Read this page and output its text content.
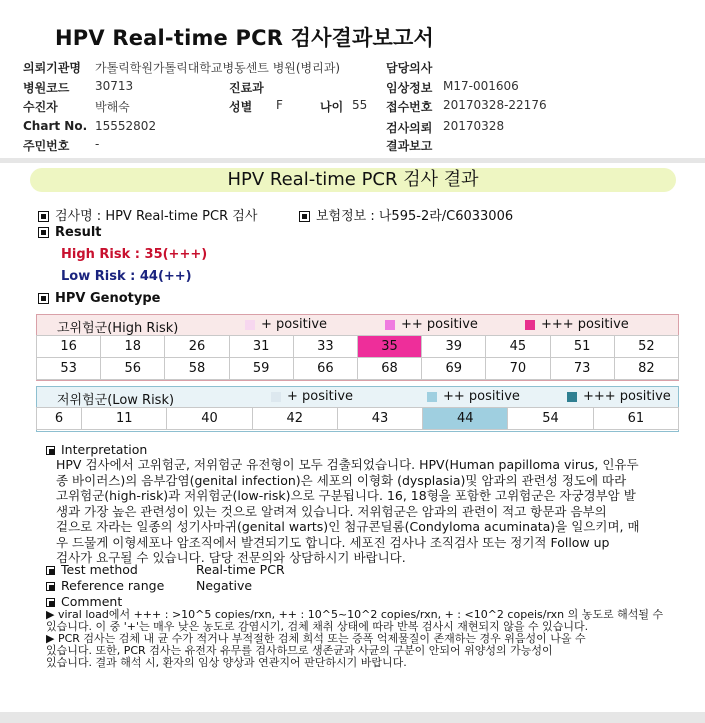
HPV Real-time PCR 검사결과보고서
의뢰기관명 가톨릭학원가톨릭대학교병동센트 병원(병리과)
병원코드 30713
수진자	박해숙
Chart No. 15552802
주민번호 -
진료과
성별 F	나이 55
담당의사
임상정보 M17-001606
접수번호 20170328-22176
검사의뢰 20170328
결과보고
HPV Real-time PCR 검사 결과
검사명 : HPV Real-time PCR 검사	보험정보 : 나595-2라/C6033006
Result
High Risk : 35(+++)
Low Risk : 44(++)
HPV Genotype
고위험군(High Risk)	+ positive	++ positive	+++ positive
16	18	26	31	33	35	39	45	51	52
53	56	58	59	66	68	69	70	73	82
저위험군(Low Risk)	+ positive	++ positive	+++ positive
6	11	40	42	43	44	54	61
Interpretation
HPV 검사에서 고위험군, 저위험군 유전형이 모두 검출되었습니다. HPV(Human papilloma virus, 인유두
종 바이러스)의 음부감염(genital infection)은 세포의 이형화 (dysplasia)및 암과의 관련성 정도에 따라
고위험군(high-risk)과 저위험군(low-risk)으로 구분됩니다. 16, 18형을 포함한 고위험군은 자궁경부암 발
생과 가장 높은 관련성이 있는 것으로 알려져 있습니다. 저위험군은 암과의 관련이 적고 항문과 음부의
겉으로 자라는 일종의 성기사마귀(genital warts)인 첨규콘딜롬(Condyloma acuminata)을 일으키며, 매
우 드물게 이형세포나 암조직에서 발견되기도 합니다. 세포진 검사나 조직검사 또는 정기적 Follow up
검사가 요구될 수 있습니다. 담당 전문의와 상담하시기 바랍니다.
Test method	Real-time PCR
Reference range	Negative
Comment
▶ viral load에서 +++ : >10^5 copies/rxn, ++ : 10^5~10^2 copies/rxn, + : <10^2 copeis/rxn 의 농도로 해석될 수
있습니다. 이 중 '+'는 매우 낮은 농도로 감염시기, 검체 채취 상태에 따라 반복 검사시 재현되지 않을 수 있습니다.
▶ PCR 검사는 검체 내 균 수가 적거나 부적절한 검체 희석 또는 증폭 억제물질이 존재하는 경우 위음성이 나올 수
있습니다. 또한, PCR 검사는 유전자 유무를 검사하므로 생존균과 사균의 구분이 안되어 위양성의 가능성이
있습니다. 결과 해석 시, 환자의 임상 양상과 연관지어 판단하시기 바랍니다.
